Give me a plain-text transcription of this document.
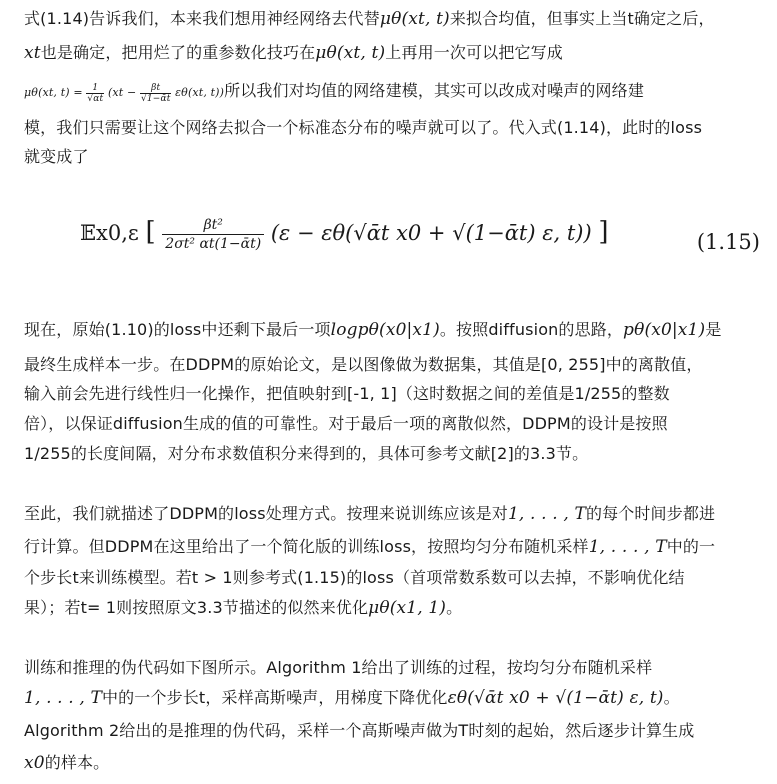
式(1.14)告诉我们，本来我们想用神经网络去代替μθ(xt, t)来拟合均值，但事实上当t确定之后，
xt也是确定，把用烂了的重参数化技巧在μθ(xt, t)上再用一次可以把它写成
μθ(xt, $t) = \frac{1}{√\alpha t} (xt - \frac{\beta t}{\text{√1−ᾱt}} \varepsilon\theta(xt$, t))所以我们对均值的网络建模，其实可以改成对噪声的网络建
模，我们只需要让这个网络去拟合一个标准态分布的噪声就可以了。代入式(1.14)，此时的loss
就变成了
𝔼x0,ε [ $\frac{\text{βt²}}{\text{2σt² αt(1−ᾱt)}} (\varepsilon$ − εθ(√ᾱt x0 + √(1−ᾱt) ε, t)) ]	(1.15)
现在，原始(1.10)的loss中还剩下最后一项logpθ(x0|x1)。按照diffusion的思路，pθ(x0|x1)是
最终生成样本一步。在DDPM的原始论文，是以图像做为数据集，其值是[0, 255]中的离散值，
输入前会先进行线性归一化操作，把值映射到[-1, 1]（这时数据之间的差值是1/255的整数
倍），以保证diffusion生成的值的可靠性。对于最后一项的离散似然，DDPM的设计是按照
1/255的长度间隔，对分布求数值积分来得到的，具体可参考文献[2]的3.3节。
至此，我们就描述了DDPM的loss处理方式。按理来说训练应该是对1, . . . , T的每个时间步都进
行计算。但DDPM在这里给出了一个简化版的训练loss，按照均匀分布随机采样1, . . . , T中的一
个步长t来训练模型。若t > 1则参考式(1.15)的loss（首项常数系数可以去掉，不影响优化结
果）；若t= 1则按照原文3.3节描述的似然来优化μθ(x1, 1)。
训练和推理的伪代码如下图所示。Algorithm 1给出了训练的过程，按均匀分布随机采样
1, . . . , T中的一个步长t，采样高斯噪声，用梯度下降优化εθ(√ᾱt x0 + √(1−ᾱt) ε, t)。
Algorithm 2给出的是推理的伪代码，采样一个高斯噪声做为T时刻的起始，然后逐步计算生成
x0的样本。
